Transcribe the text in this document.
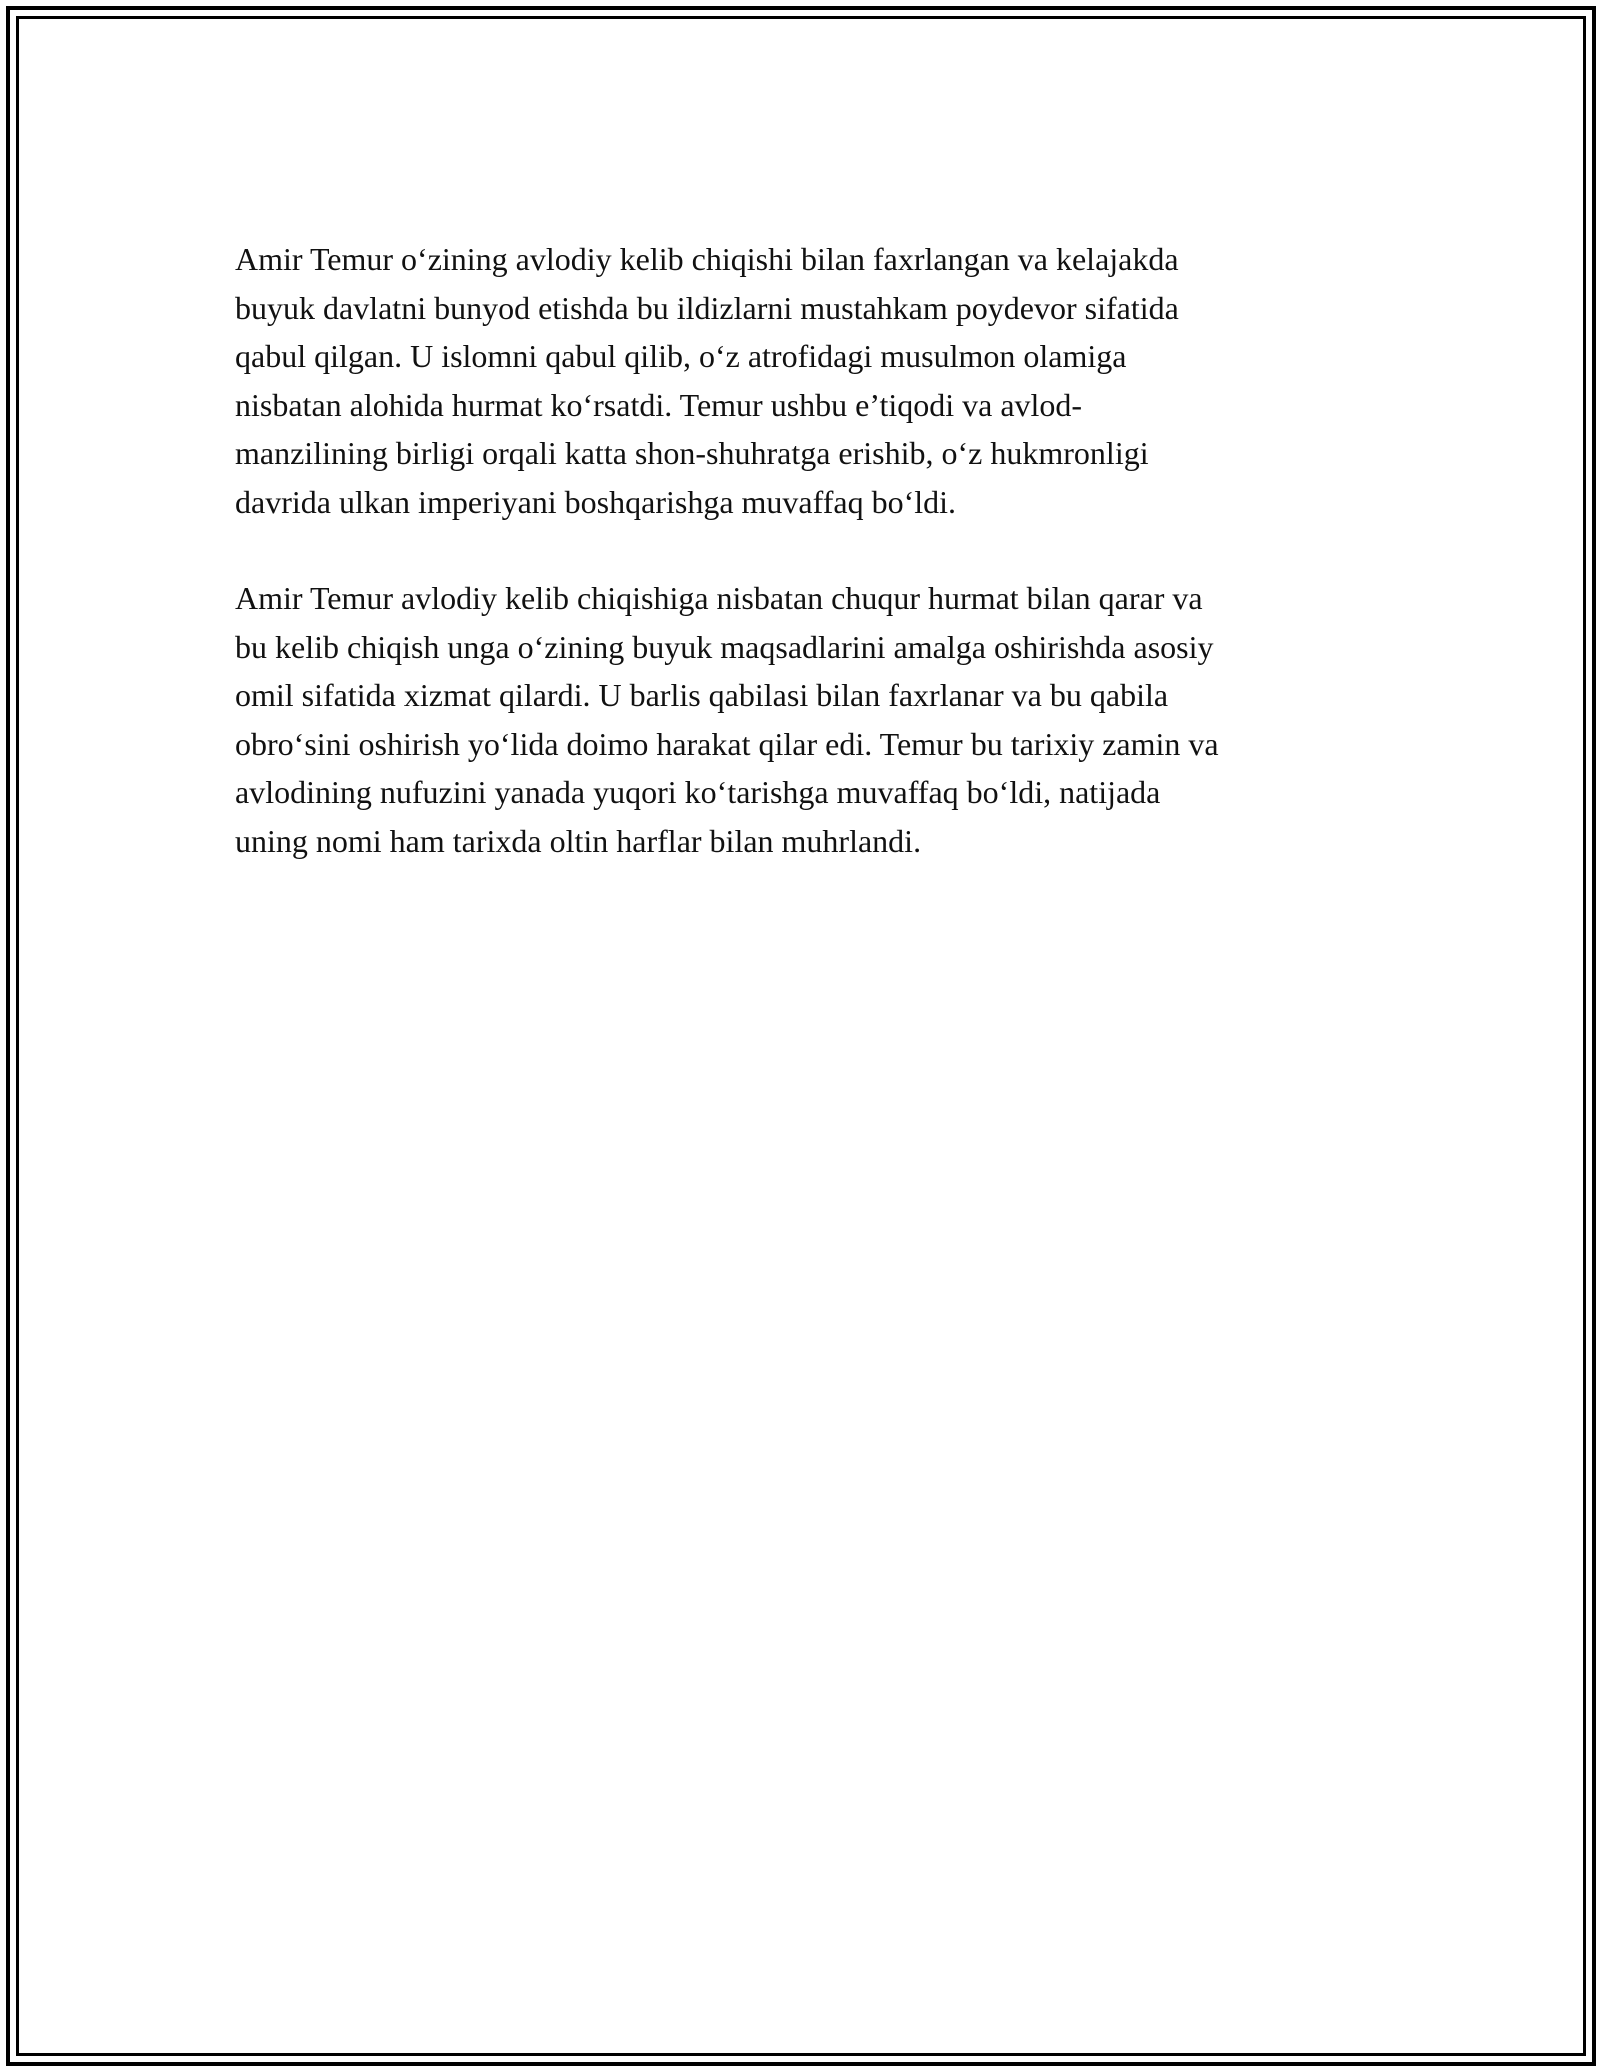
Amir Temur o‘zining avlodiy kelib chiqishi bilan faxrlangan va kelajakda
buyuk davlatni bunyod etishda bu ildizlarni mustahkam poydevor sifatida
qabul qilgan. U islomni qabul qilib, o‘z atrofidagi musulmon olamiga
nisbatan alohida hurmat ko‘rsatdi. Temur ushbu e’tiqodi va avlod-
manzilining birligi orqali katta shon-shuhratga erishib, o‘z hukmronligi
davrida ulkan imperiyani boshqarishga muvaffaq bo‘ldi.

Amir Temur avlodiy kelib chiqishiga nisbatan chuqur hurmat bilan qarar va
bu kelib chiqish unga o‘zining buyuk maqsadlarini amalga oshirishda asosiy
omil sifatida xizmat qilardi. U barlis qabilasi bilan faxrlanar va bu qabila
obro‘sini oshirish yo‘lida doimo harakat qilar edi. Temur bu tarixiy zamin va
avlodining nufuzini yanada yuqori ko‘tarishga muvaffaq bo‘ldi, natijada
uning nomi ham tarixda oltin harflar bilan muhrlandi.
